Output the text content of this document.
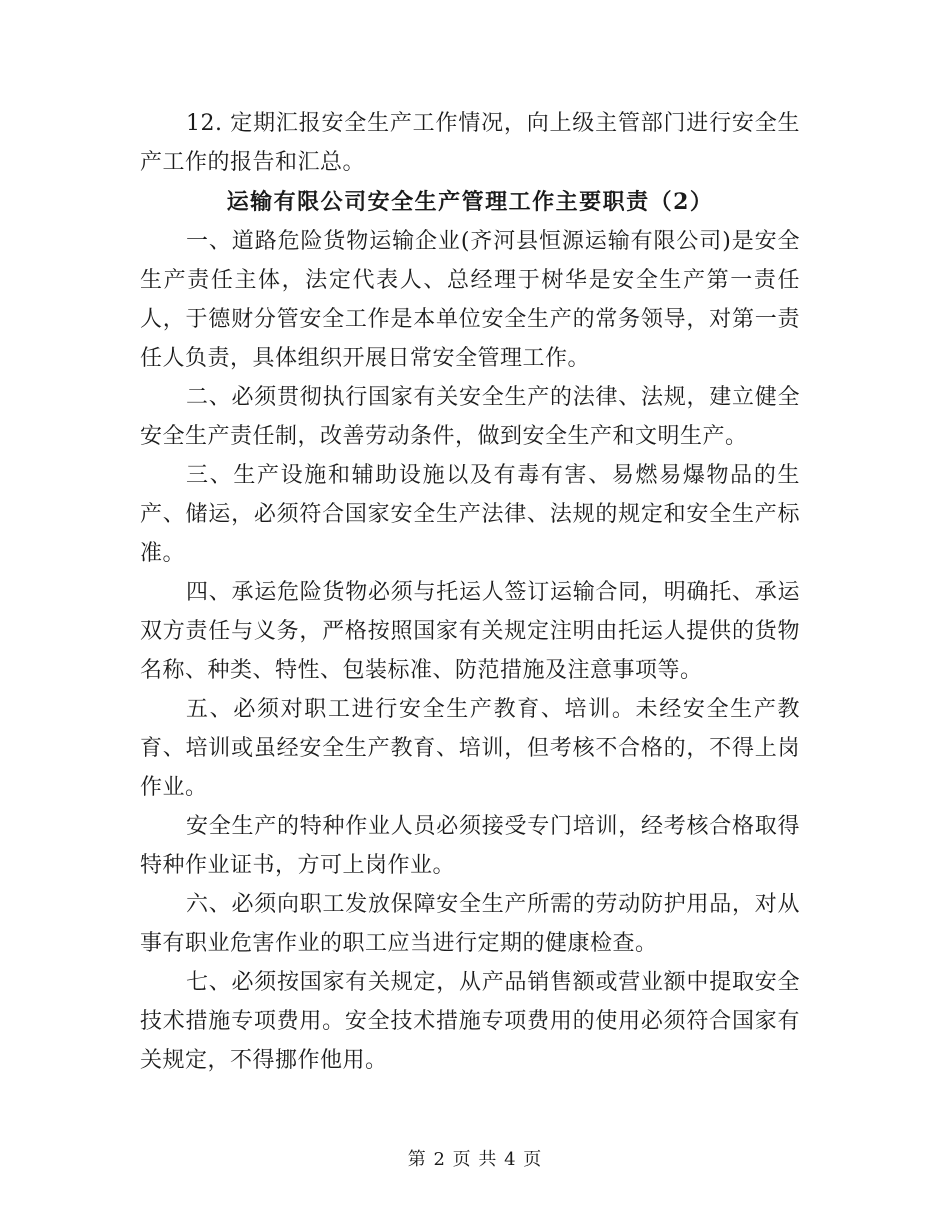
12. 定期汇报安全生产工作情况，向上级主管部门进行安全生产工作的报告和汇总。

运输有限公司安全生产管理工作主要职责（2）

一、道路危险货物运输企业(齐河县恒源运输有限公司)是安全生产责任主体，法定代表人、总经理于树华是安全生产第一责任人，于德财分管安全工作是本单位安全生产的常务领导，对第一责任人负责，具体组织开展日常安全管理工作。

二、必须贯彻执行国家有关安全生产的法律、法规，建立健全安全生产责任制，改善劳动条件，做到安全生产和文明生产。

三、生产设施和辅助设施以及有毒有害、易燃易爆物品的生产、储运，必须符合国家安全生产法律、法规的规定和安全生产标准。

四、承运危险货物必须与托运人签订运输合同，明确托、承运双方责任与义务，严格按照国家有关规定注明由托运人提供的货物名称、种类、特性、包装标准、防范措施及注意事项等。

五、必须对职工进行安全生产教育、培训。未经安全生产教育、培训或虽经安全生产教育、培训，但考核不合格的，不得上岗作业。

安全生产的特种作业人员必须接受专门培训，经考核合格取得特种作业证书，方可上岗作业。

六、必须向职工发放保障安全生产所需的劳动防护用品，对从事有职业危害作业的职工应当进行定期的健康检查。

七、必须按国家有关规定，从产品销售额或营业额中提取安全技术措施专项费用。安全技术措施专项费用的使用必须符合国家有关规定，不得挪作他用。

第 2 页 共 4 页
